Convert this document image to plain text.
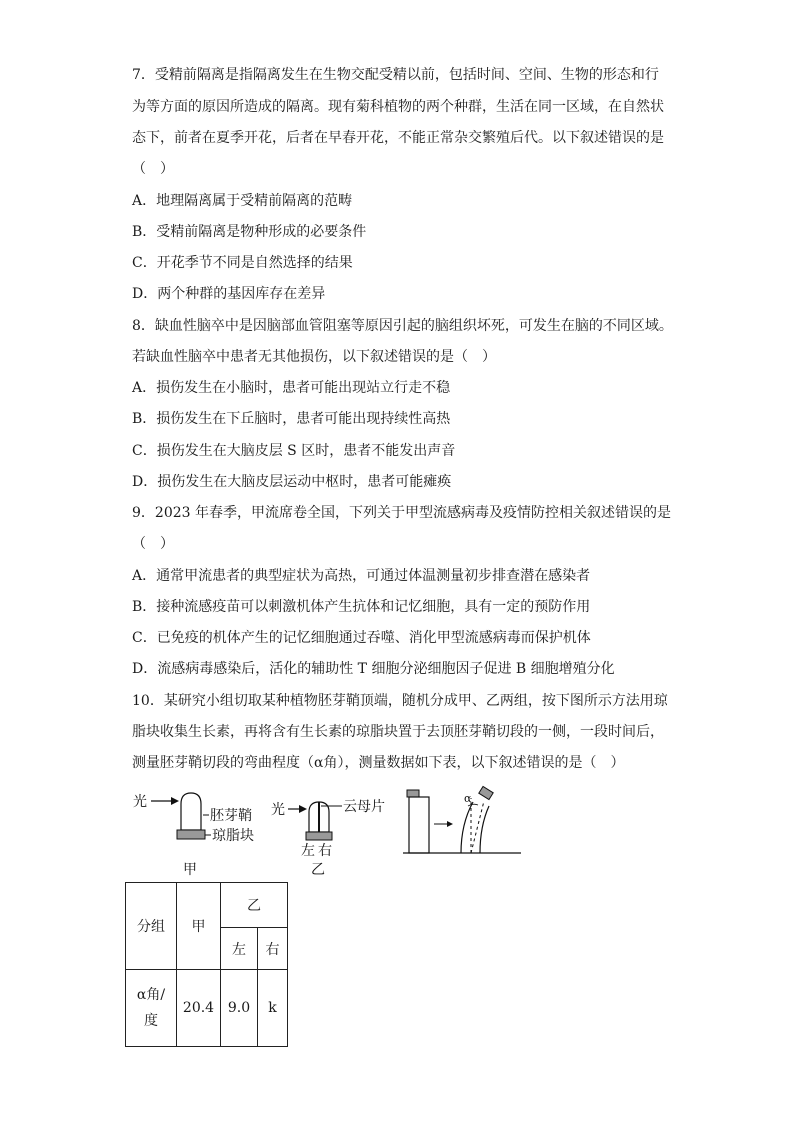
7．受精前隔离是指隔离发生在生物交配受精以前，包括时间、空间、生物的形态和行
为等方面的原因所造成的隔离。现有菊科植物的两个种群，生活在同一区域，在自然状
态下，前者在夏季开花，后者在早春开花，不能正常杂交繁殖后代。以下叙述错误的是
（　）
A．地理隔离属于受精前隔离的范畴
B．受精前隔离是物种形成的必要条件
C．开花季节不同是自然选择的结果
D．两个种群的基因库存在差异
8．缺血性脑卒中是因脑部血管阻塞等原因引起的脑组织坏死，可发生在脑的不同区域。
若缺血性脑卒中患者无其他损伤，以下叙述错误的是（　）
A．损伤发生在小脑时，患者可能出现站立行走不稳
B．损伤发生在下丘脑时，患者可能出现持续性高热
C．损伤发生在大脑皮层 S 区时，患者不能发出声音
D．损伤发生在大脑皮层运动中枢时，患者可能瘫痪
9．2023 年春季，甲流席卷全国，下列关于甲型流感病毒及疫情防控相关叙述错误的是
（　）
A．通常甲流患者的典型症状为高热，可通过体温测量初步排查潜在感染者
B．接种流感疫苗可以刺激机体产生抗体和记忆细胞，具有一定的预防作用
C．已免疫的机体产生的记忆细胞通过吞噬、消化甲型流感病毒而保护机体
D．流感病毒感染后，活化的辅助性 T 细胞分泌细胞因子促进 B 细胞增殖分化
10．某研究小组切取某种植物胚芽鞘顶端，随机分成甲、乙两组，按下图所示方法用琼
脂块收集生长素，再将含有生长素的琼脂块置于去顶胚芽鞘切段的一侧，一段时间后，
测量胚芽鞘切段的弯曲程度（α角），测量数据如下表，以下叙述错误的是（　）
光
胚芽鞘
琼脂块
甲
光	云母片
左 右
乙
α
分组	甲	乙	
		左	右
α角/
度	20.4	9.0	k
